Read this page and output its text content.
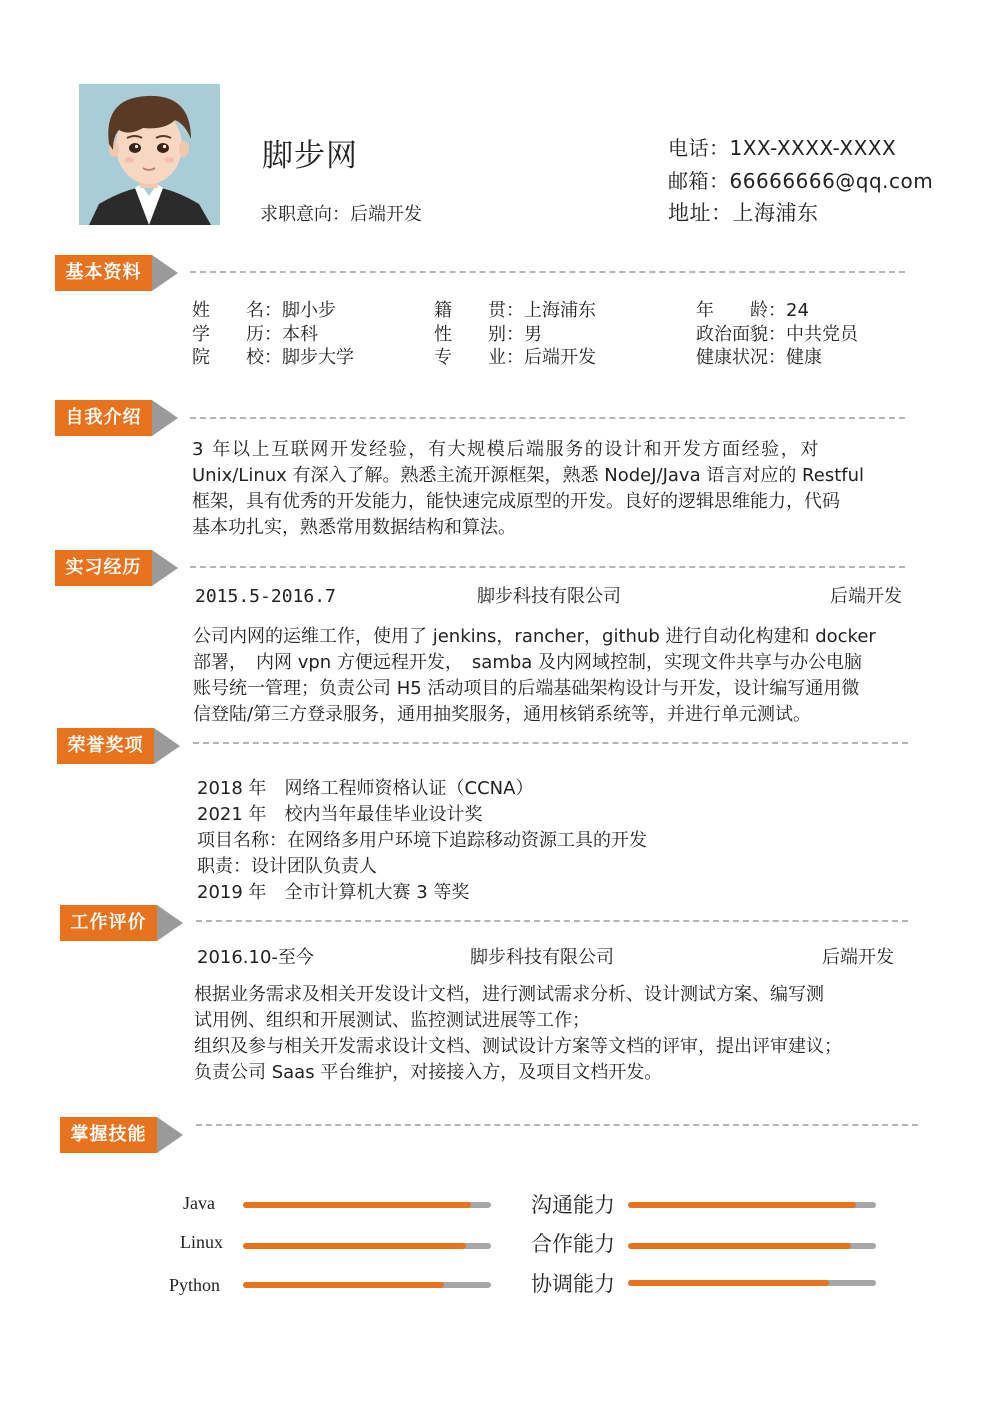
脚步网
求职意向：后端开发
电话：1XX-XXXX-XXXX
邮箱：66666666@qq.com
地址：上海浦东
基本资料
姓　　名：脚小步	籍　　贯：上海浦东	年　　龄：24
学　　历：本科	性　　别：男	政治面貌：中共党员
院　　校：脚步大学	专　　业：后端开发	健康状况：健康
自我介绍
3 年以上互联网开发经验，有大规模后端服务的设计和开发方面经验，对
Unix/Linux 有深入了解。熟悉主流开源框架，熟悉 NodeJ/Java 语言对应的 Restful
框架，具有优秀的开发能力，能快速完成原型的开发。良好的逻辑思维能力，代码
基本功扎实，熟悉常用数据结构和算法。
实习经历
2015.5-2016.7	脚步科技有限公司	后端开发
公司内网的运维工作，使用了 jenkins，rancher，github 进行自动化构建和 docker
部署，　内网 vpn 方便远程开发，　samba 及内网域控制，实现文件共享与办公电脑
账号统一管理；负责公司 H5 活动项目的后端基础架构设计与开发，设计编写通用微
信登陆/第三方登录服务，通用抽奖服务，通用核销系统等，并进行单元测试。
荣誉奖项
2018 年　网络工程师资格认证（CCNA）
2021 年　校内当年最佳毕业设计奖
项目名称：在网络多用户环境下追踪移动资源工具的开发
职责：设计团队负责人
2019 年　全市计算机大赛 3 等奖
工作评价
2016.10-至今	脚步科技有限公司	后端开发
根据业务需求及相关开发设计文档，进行测试需求分析、设计测试方案、编写测
试用例、组织和开展测试、监控测试进展等工作；
组织及参与相关开发需求设计文档、测试设计方案等文档的评审，提出评审建议；
负责公司 Saas 平台维护，对接接入方，及项目文档开发。
掌握技能
Java
Linux
Python
沟通能力
合作能力
协调能力
